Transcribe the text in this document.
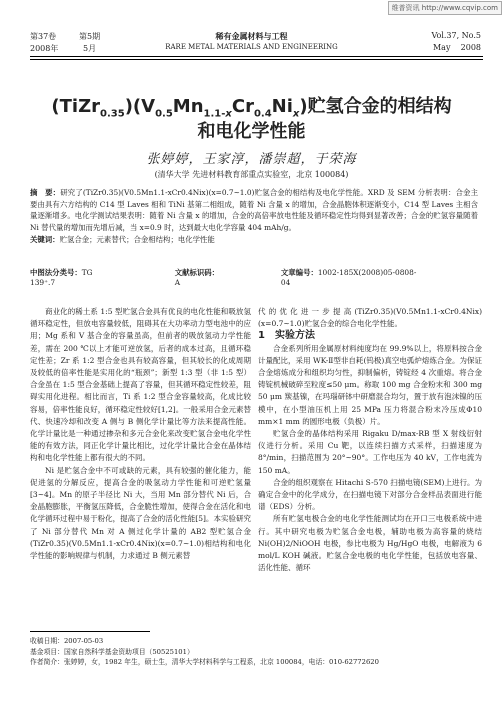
维普资讯 http://www.cqvip.com
第37卷	第5期	稀有金属材料与工程	Vol.37, No.5
2008年	5月	RARE METAL MATERIALS AND ENGINEERING	May    2008
$(TiZr_{0.35})(V_{0.5}Mn_{1.1-x}Cr_{0.4}Ni_x)$贮氢合金的相结构
和电化学性能
张婷婷，王家淳，潘崇超，于荣海
(清华大学 先进材料教育部重点实验室，北京 100084)
摘　要：研究了(TiZr0.35)(V0.5Mn1.1-xCr0.4Nix)(x=0.7~1.0)贮氢合金的相结构及电化学性能。XRD 及 SEM 分析表明：合金主要由具有六方结构的 C14 型 Laves 相和 TiNi 基第二相组成，随着 Ni 含量 x 的增加，合金晶胞体积逐渐变小，C14 型 Laves 主相含量逐渐增多。电化学测试结果表明：随着 Ni 含量 x 的增加，合金的高倍率放电性能及循环稳定性均得到显著改善；合金的贮氢容量随着 Ni 替代量的增加而先增后减，当 x=0.9 时，达到最大电化学容量 404 mAh/g。
关键词：贮氢合金；元素替代；合金相结构；电化学性能
中图法分类号：TG 139⁺.7
文献标识码：A
文章编号：1002-185X(2008)05-0808-04

商业化的稀土系 1:5 型贮氢合金具有优良的电化性能和吸放氢循环稳定性，但放电容量较低，阻碍其在大功率动力型电池中的应用；Mg 系和 V 基合金的容量虽高，但前者的吸放氢动力学性能差，需在 200 ℃以上才能可逆放氢，后者的成本过高，且循环稳定性差；Zr 系 1:2 型合金也具有较高容量，但其较长的化成周期及较低的倍率性能是实用化的“瓶颈”；新型 1:3 型（非 1:5 型）合金虽在 1:5 型合金基础上提高了容量，但其循环稳定性较差，阻碍实用化进程。相比而言，Ti 系 1:2 型合金容量较高，化成比较容易，倍率性能良好，循环稳定性较好[1,2]。一般采用合金元素替代、快速冷却和改变 A 侧与 B 侧化学计量比等方法来提高性能。化学计量比是一种通过掺杂和多元合金化来改变贮氢合金电化学性能的有效方法，同正化学计量比相比，过化学计量比合金在晶体结构和电化学性能上都有很大的不同。

Ni 是贮氢合金中不可或缺的元素，具有较强的催化能力，能促进氢的分解反应，提高合金的吸氢动力学性能和可逆贮氢量[3~4]。Mn 的原子半径比 Ni 大，当用 Mn 部分替代 Ni 后，合金晶胞膨胀，平衡氢压降低，合金脆性增加，使得合金在活化和电化学循环过程中易于粉化，提高了合金的活化性能[5]。本实验研究了 Ni 部分替代 Mn 对 A 侧过化学计量的 AB2 型贮氢合金(TiZr0.35)(V0.5Mn1.1-xCr0.4Nix)(x=0.7~1.0)相结构和电化学性能的影响规律与机制，力求通过 B 侧元素替

代的优化进一步提高(TiZr0.35)(V0.5Mn1.1-xCr0.4Nix)(x=0.7~1.0)贮氢合金的综合电化学性能。

1　实验方法

合金系列所用金属原材料纯度均在 99.9%以上，将原料按合金计量配比，采用 WK-Ⅱ型非自耗(钨极)真空电弧炉熔炼合金。为保证合金熔炼成分和组织均匀性，抑制偏析，铸锭经 4 次重熔。将合金铸锭机械破碎至粒度≤50 μm。称取 100 mg 合金粉末和 300 mg 50 μm 羰基镍，在玛瑙研钵中研磨混合均匀，置于放有泡沫镍的压模中，在小型油压机上用 25 MPa 压力将混合粉末冷压成Φ10 mm×1 mm 的圆形电极（负极）片。

贮氢合金的晶体结构采用 Rigaku D/max-RB 型 X 射线衍射仪进行分析。采用 Cu 靶，以连续扫描方式采样，扫描速度为 8°/min，扫描范围为 20°~90°。工作电压为 40 kV，工作电流为 150 mA。

合金的组织观察在 Hitachi S-570 扫描电镜(SEM)上进行。为确定合金中的化学成分，在扫描电镜下对部分合金样品表面进行能谱（EDS）分析。

所有贮氢电极合金的电化学性能测试均在开口三电极系统中进行。其中研究电极为贮氢合金电极，辅助电极为高容量的烧结 Ni(OH)2/NiOOH 电极，参比电极为 Hg/HgO 电极，电解液为 6 mol/L KOH 碱液。贮氢合金电极的电化学性能，包括放电容量、活化性能、循环

收稿日期：2007-05-03
基金项目：国家自然科学基金资助项目（50525101）
作者简介：张婷婷，女，1982 年生，硕士生，清华大学材料科学与工程系，北京 100084，电话：010-62772620
